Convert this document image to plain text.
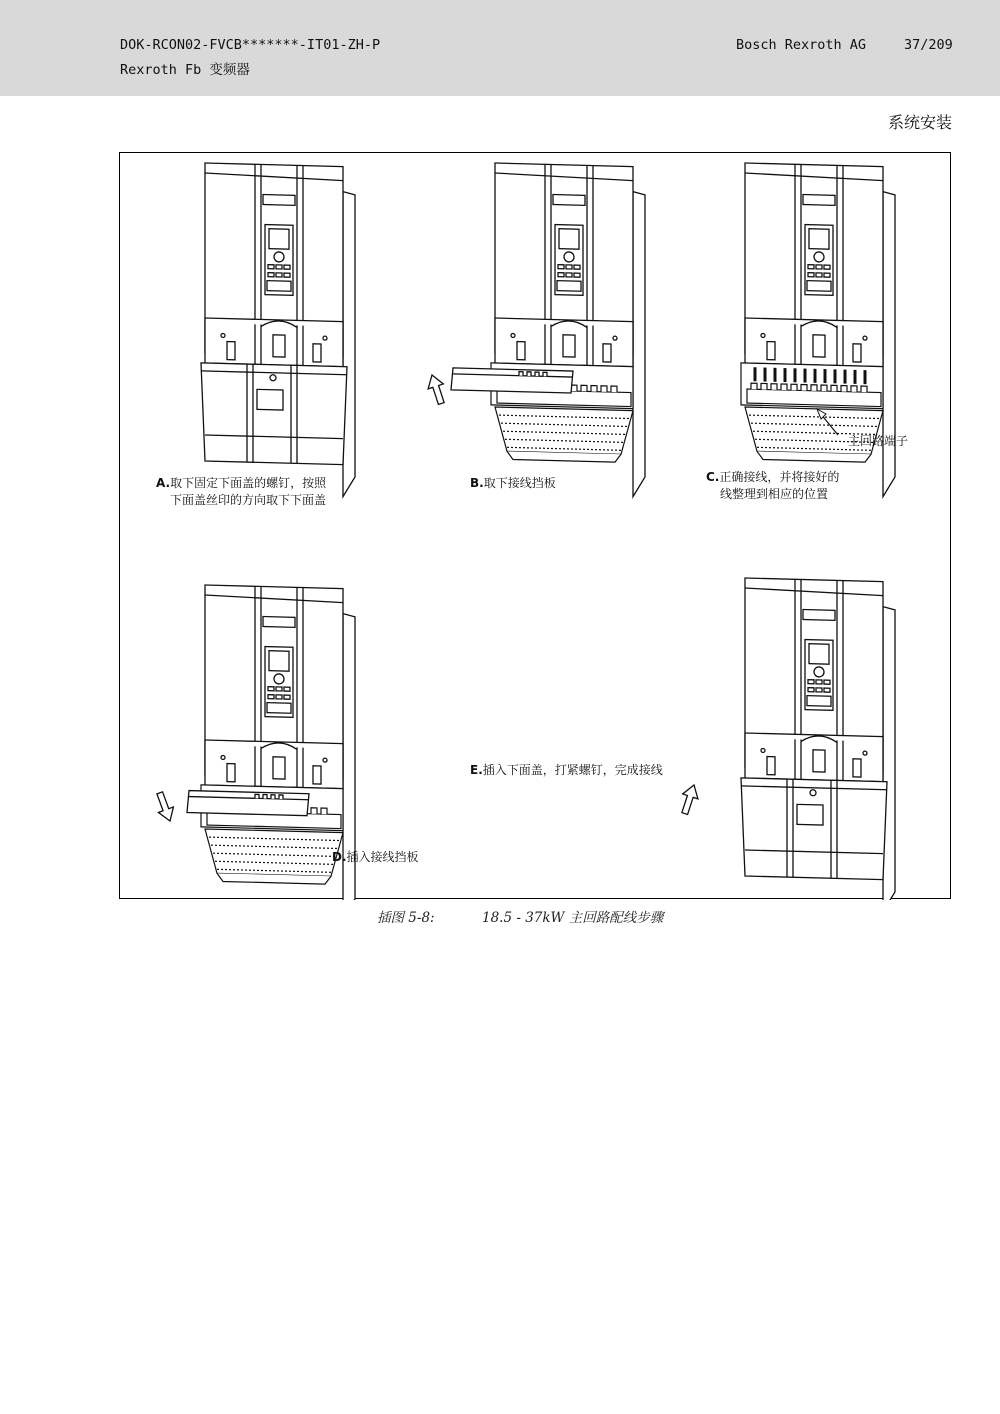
DOK-RCON02-FVCB*******-IT01-ZH-P
Rexroth Fb 变频器
Bosch Rexroth AG	37/209
系统安装
A.取下固定下面盖的螺钉，按照
下面盖丝印的方向取下下面盖
B.取下接线挡板	C.正确接线，并将接好的
线整理到相应的位置
主回路端子
D.插入接线挡板
E.插入下面盖，打紧螺钉，完成接线
插图 5-8:	18.5 - 37kW 主回路配线步骤
